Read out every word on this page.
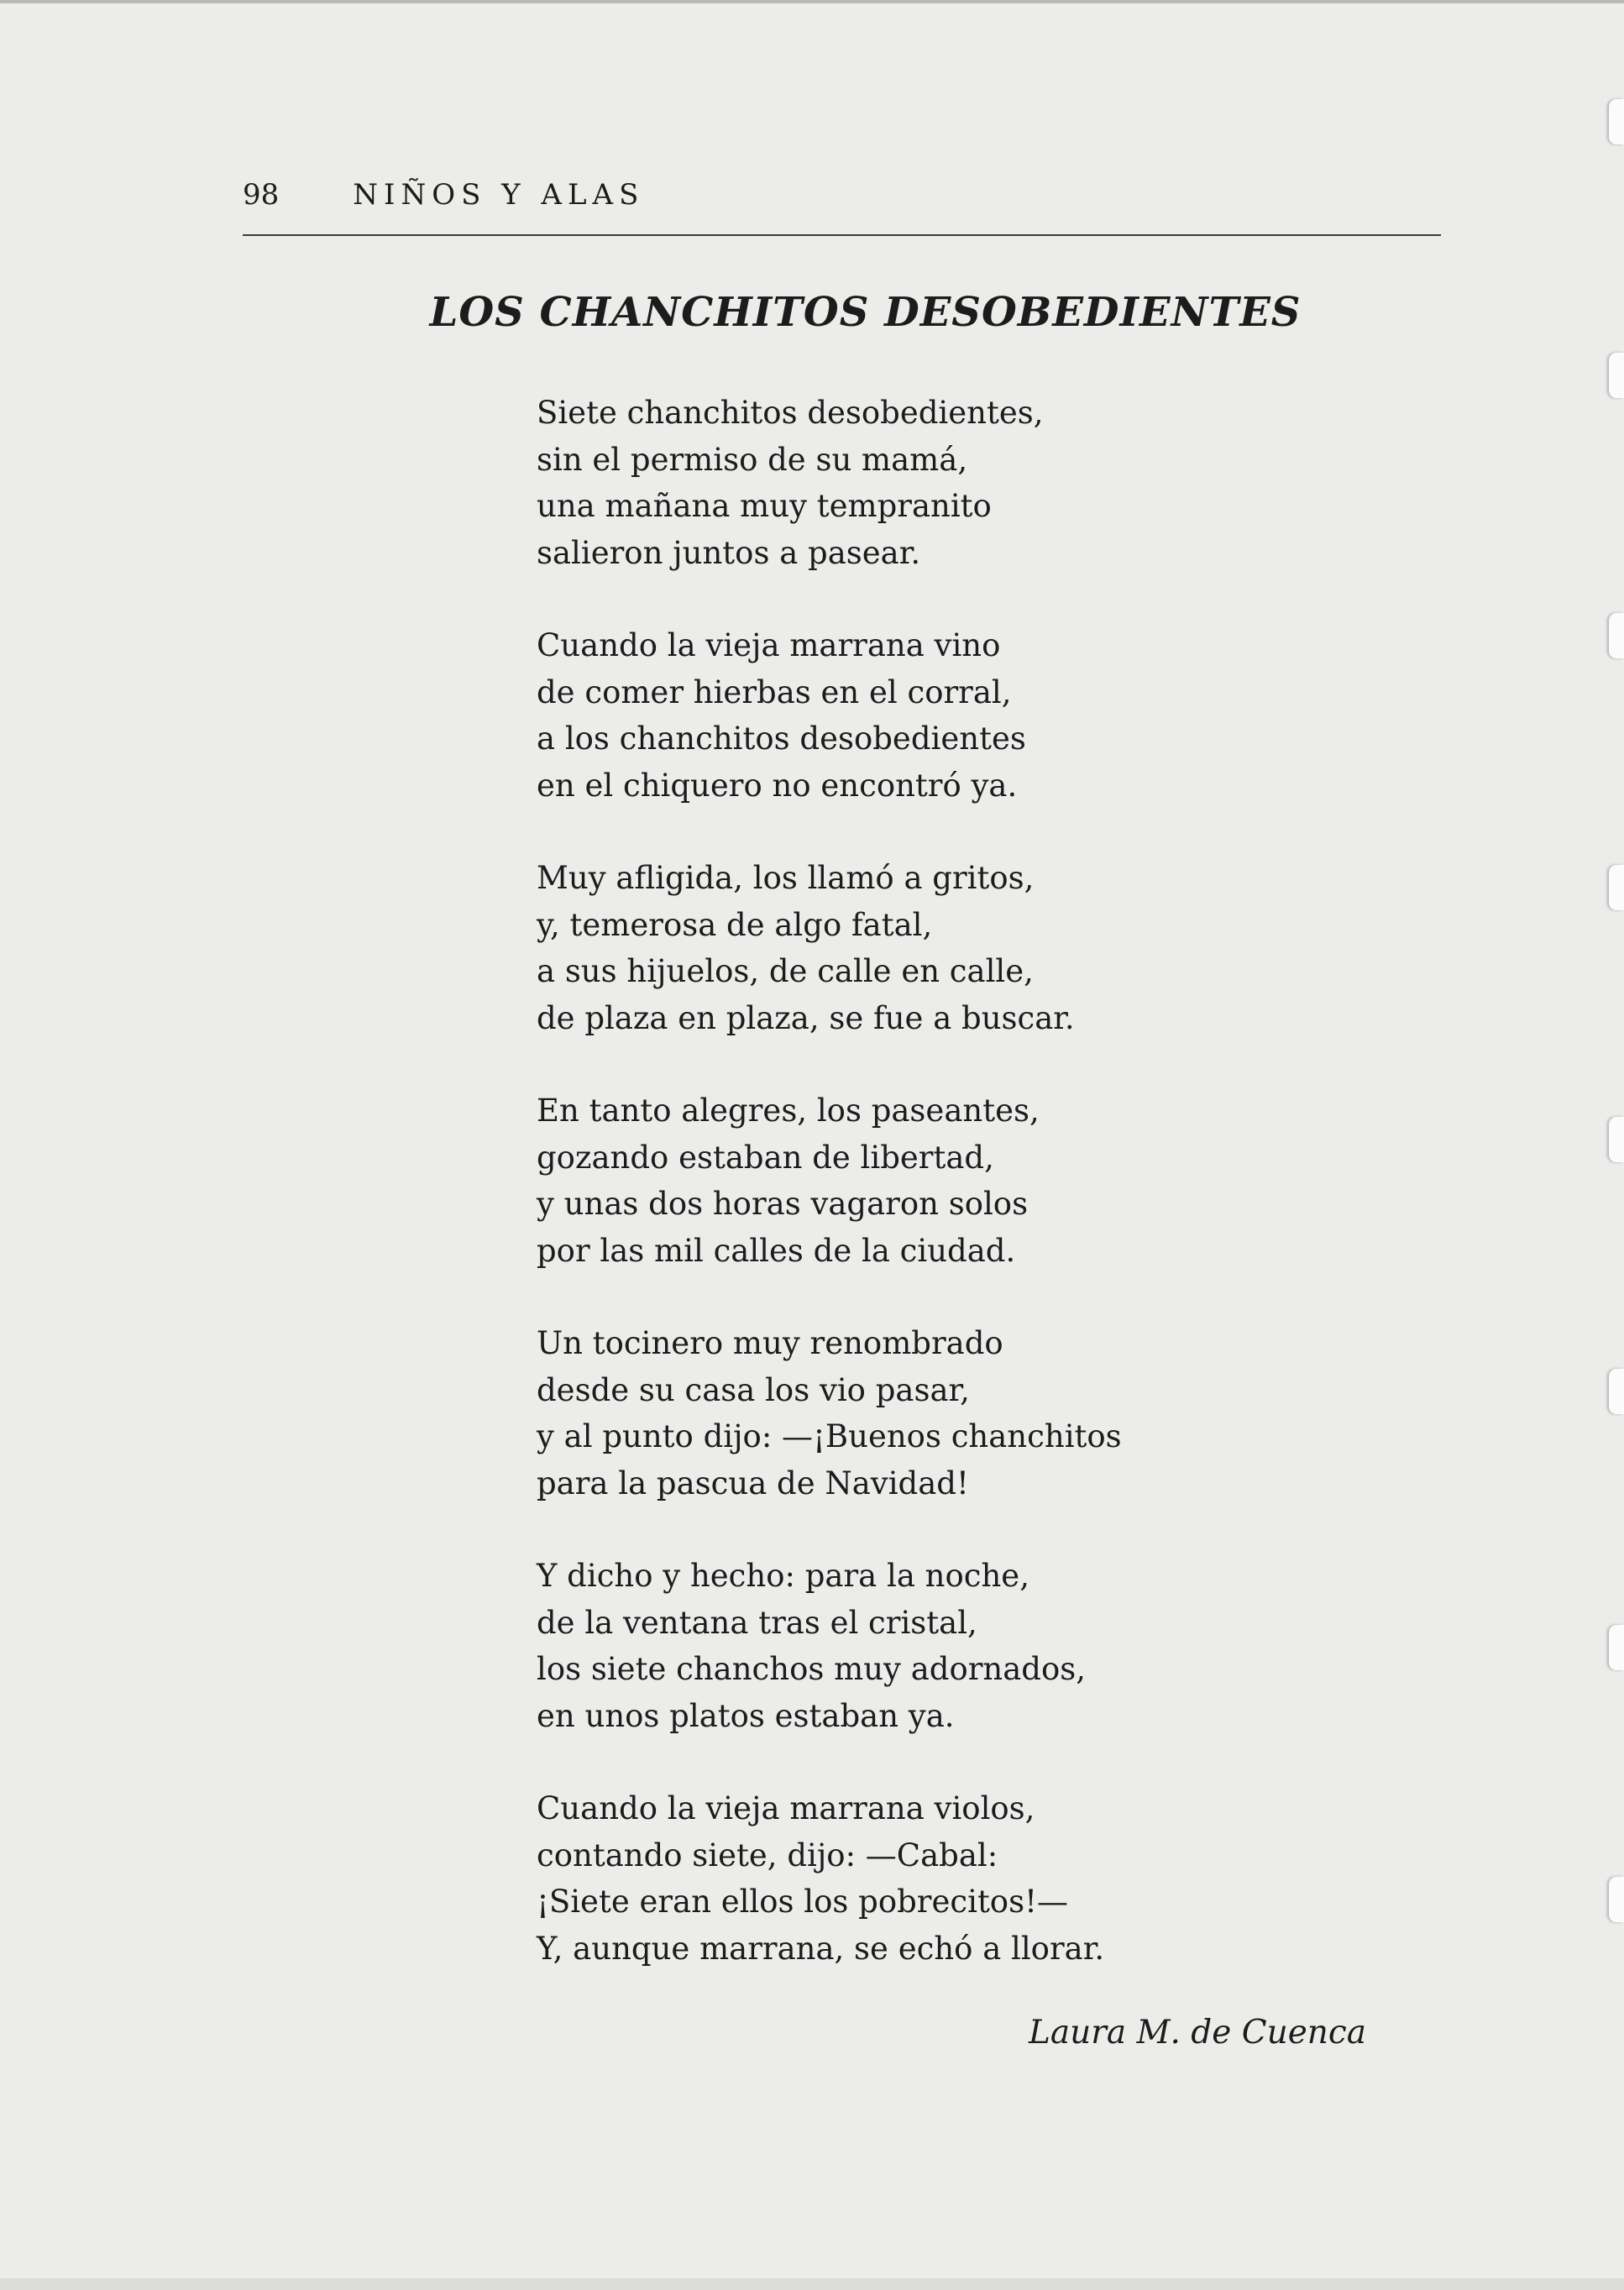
98	NIÑOS Y ALAS
LOS CHANCHITOS DESOBEDIENTES

Siete chanchitos desobedientes,
sin el permiso de su mamá,
una mañana muy tempranito
salieron juntos a pasear.

Cuando la vieja marrana vino
de comer hierbas en el corral,
a los chanchitos desobedientes
en el chiquero no encontró ya.

Muy afligida, los llamó a gritos,
y, temerosa de algo fatal,
a sus hijuelos, de calle en calle,
de plaza en plaza, se fue a buscar.

En tanto alegres, los paseantes,
gozando estaban de libertad,
y unas dos horas vagaron solos
por las mil calles de la ciudad.

Un tocinero muy renombrado
desde su casa los vio pasar,
y al punto dijo: —¡Buenos chanchitos
para la pascua de Navidad!

Y dicho y hecho: para la noche,
de la ventana tras el cristal,
los siete chanchos muy adornados,
en unos platos estaban ya.

Cuando la vieja marrana violos,
contando siete, dijo: —Cabal:
¡Siete eran ellos los pobrecitos!—
Y, aunque marrana, se echó a llorar.

Laura M. de Cuenca
